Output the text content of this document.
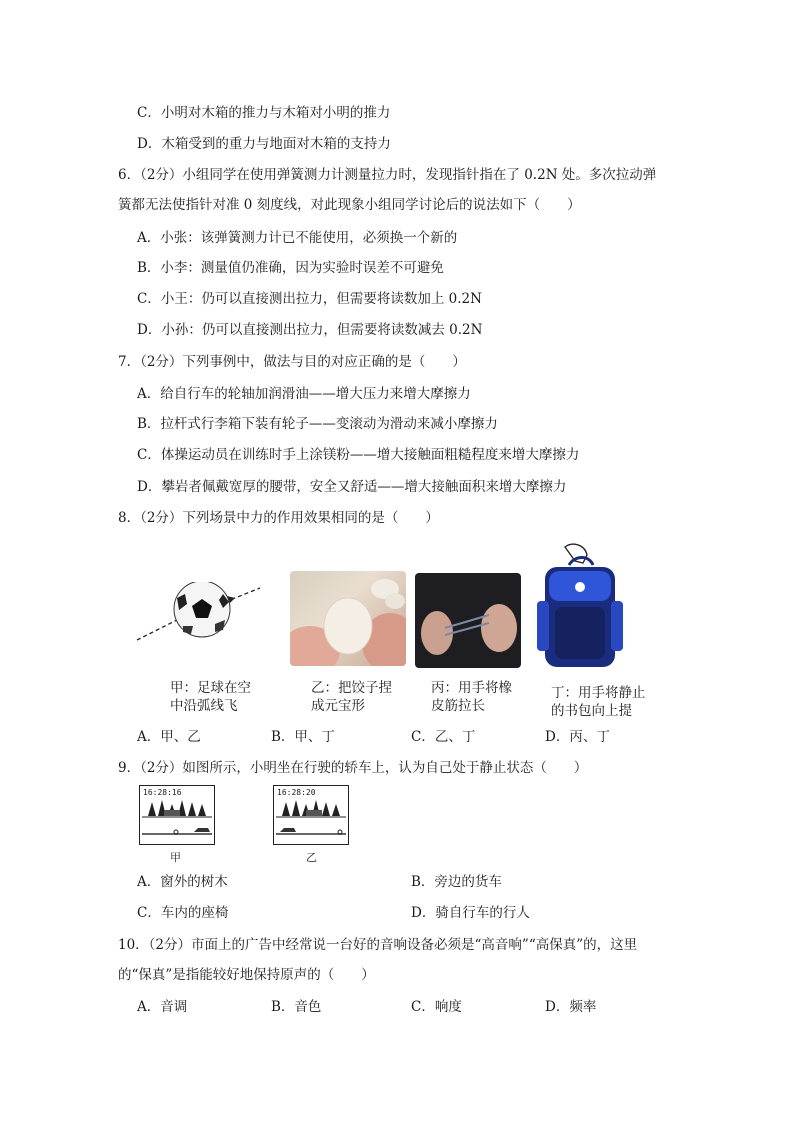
C．小明对木箱的推力与木箱对小明的推力
D．木箱受到的重力与地面对木箱的支持力
6．（2分）小组同学在使用弹簧测力计测量拉力时，发现指针指在了 0.2N 处。多次拉动弹
簧都无法使指针对准 0 刻度线，对此现象小组同学讨论后的说法如下（　　）
A．小张：该弹簧测力计已不能使用，必须换一个新的
B．小李：测量值仍准确，因为实验时误差不可避免
C．小王：仍可以直接测出拉力，但需要将读数加上 0.2N
D．小孙：仍可以直接测出拉力，但需要将读数减去 0.2N
7．（2分）下列事例中，做法与目的对应正确的是（　　）
A．给自行车的轮轴加润滑油——增大压力来增大摩擦力
B．拉杆式行李箱下装有轮子——变滚动为滑动来减小摩擦力
C．体操运动员在训练时手上涂镁粉——增大接触面粗糙程度来增大摩擦力
D．攀岩者佩戴宽厚的腰带，安全又舒适——增大接触面积来增大摩擦力
8．（2分）下列场景中力的作用效果相同的是（　　）
甲：足球在空中沿弧线飞
乙：把饺子捏成元宝形
丙：用手将橡皮筋拉长
丁：用手将静止的书包向上提
A．甲、乙	B．甲、丁	C．乙、丁	D．丙、丁
9．（2分）如图所示，小明坐在行驶的轿车上，认为自己处于静止状态（　　）
16:28:16
甲
16:28:20
乙
A．窗外的树木	B．旁边的货车
C．车内的座椅	D．骑自行车的行人
10．（2分）市面上的广告中经常说一台好的音响设备必须是“高音响”“高保真”的，这里
的“保真”是指能较好地保持原声的（　　）
A．音调	B．音色	C．响度	D．频率
